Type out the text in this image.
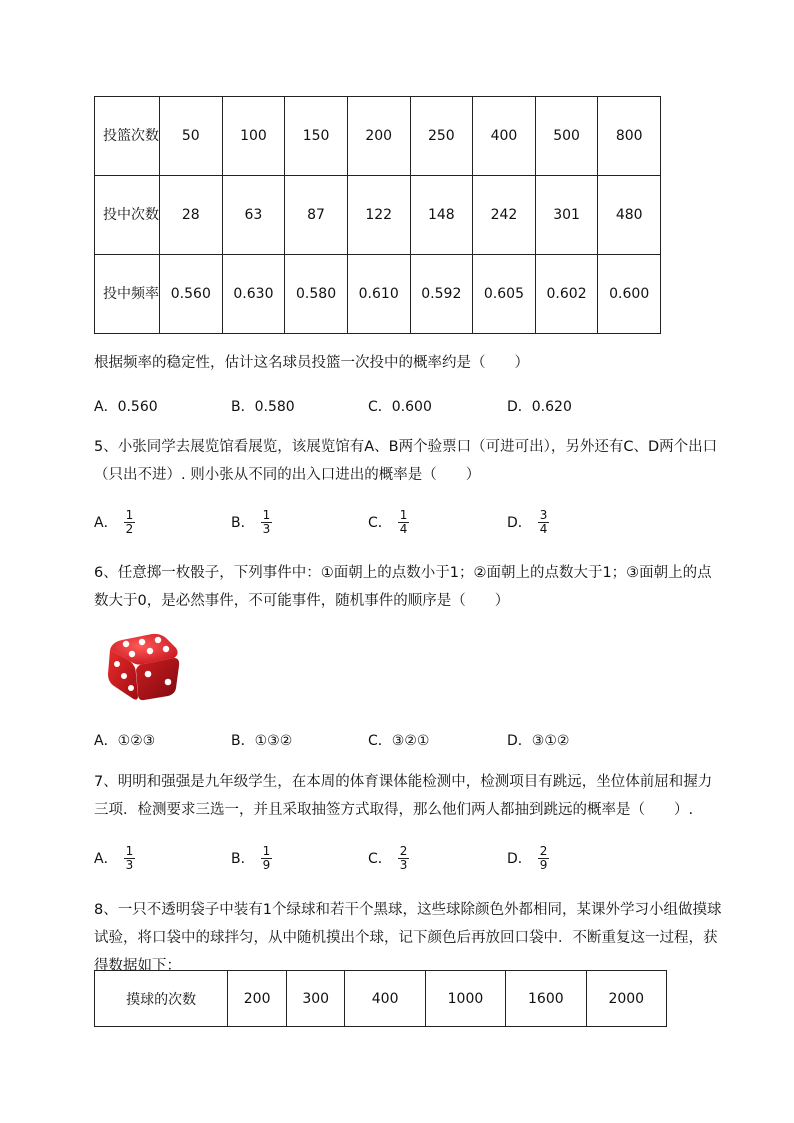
投篮次数	50	100	150	200	250	400	500	800
投中次数	28	63	87	122	148	242	301	480
投中频率	0.560	0.630	0.580	0.610	0.592	0.605	0.602	0.600
根据频率的稳定性，估计这名球员投篮一次投中的概率约是（　　）
A．0.560	B．0.580	C．0.600	D．0.620
5、小张同学去展览馆看展览，该展览馆有A、B两个验票口（可进可出），另外还有C、D两个出口（只出不进）. 则小张从不同的出入口进出的概率是（　　）
A． $\frac{1}{2}$	B． $\frac{1}{3}$	C． $\frac{1}{4}$	D． $\frac{3}{4}$
6、任意掷一枚骰子，下列事件中：①面朝上的点数小于1；②面朝上的点数大于1；③面朝上的点数大于0，是必然事件，不可能事件，随机事件的顺序是（　　）
A．①②③	B．①③②	C．③②①	D．③①②
7、明明和强强是九年级学生，在本周的体育课体能检测中，检测项目有跳远，坐位体前屈和握力三项．检测要求三选一，并且采取抽签方式取得，那么他们两人都抽到跳远的概率是（　　）.
A． $\frac{1}{3}$	B． $\frac{1}{9}$	C． $\frac{2}{3}$	D． $\frac{2}{9}$
8、一只不透明袋子中装有1个绿球和若干个黑球，这些球除颜色外都相同，某课外学习小组做摸球试验，将口袋中的球拌匀，从中随机摸出个球，记下颜色后再放回口袋中．不断重复这一过程，获得数据如下：
摸球的次数	200	300	400	1000	1600	2000
